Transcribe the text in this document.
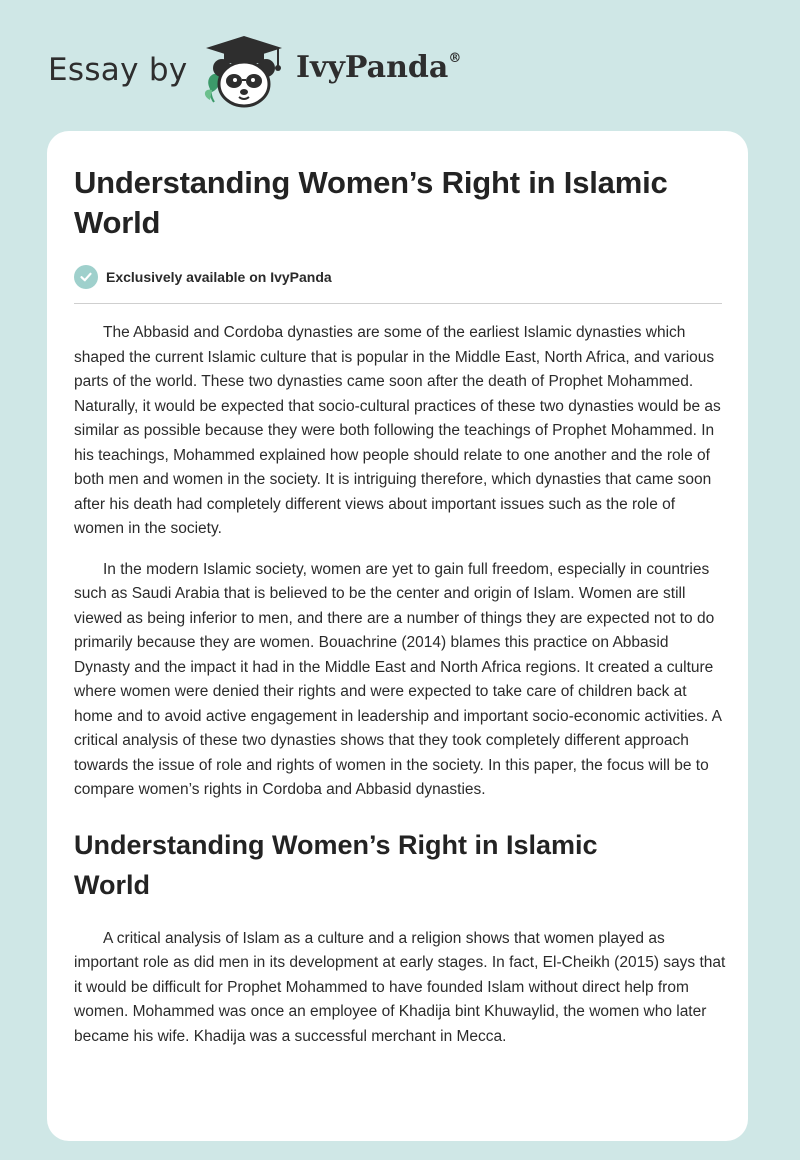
Essay by	IvyPanda®
Understanding Women’s Right in Islamic World
Exclusively available on IvyPanda

The Abbasid and Cordoba dynasties are some of the earliest Islamic dynasties which shaped the current Islamic culture that is popular in the Middle East, North Africa, and various parts of the world. These two dynasties came soon after the death of Prophet Mohammed. Naturally, it would be expected that socio-cultural practices of these two dynasties would be as similar as possible because they were both following the teachings of Prophet Mohammed. In his teachings, Mohammed explained how people should relate to one another and the role of both men and women in the society. It is intriguing therefore, which dynasties that came soon after his death had completely different views about important issues such as the role of women in the society.

In the modern Islamic society, women are yet to gain full freedom, especially in countries such as Saudi Arabia that is believed to be the center and origin of Islam. Women are still viewed as being inferior to men, and there are a number of things they are expected not to do primarily because they are women. Bouachrine (2014) blames this practice on Abbasid Dynasty and the impact it had in the Middle East and North Africa regions. It created a culture where women were denied their rights and were expected to take care of children back at home and to avoid active engagement in leadership and important socio-economic activities. A critical analysis of these two dynasties shows that they took completely different approach towards the issue of role and rights of women in the society. In this paper, the focus will be to compare women’s rights in Cordoba and Abbasid dynasties.

Understanding Women’s Right in Islamic World

A critical analysis of Islam as a culture and a religion shows that women played as important role as did men in its development at early stages. In fact, El-Cheikh (2015) says that it would be difficult for Prophet Mohammed to have founded Islam without direct help from women. Mohammed was once an employee of Khadija bint Khuwaylid, the women who later became his wife. Khadija was a successful merchant in Mecca.
